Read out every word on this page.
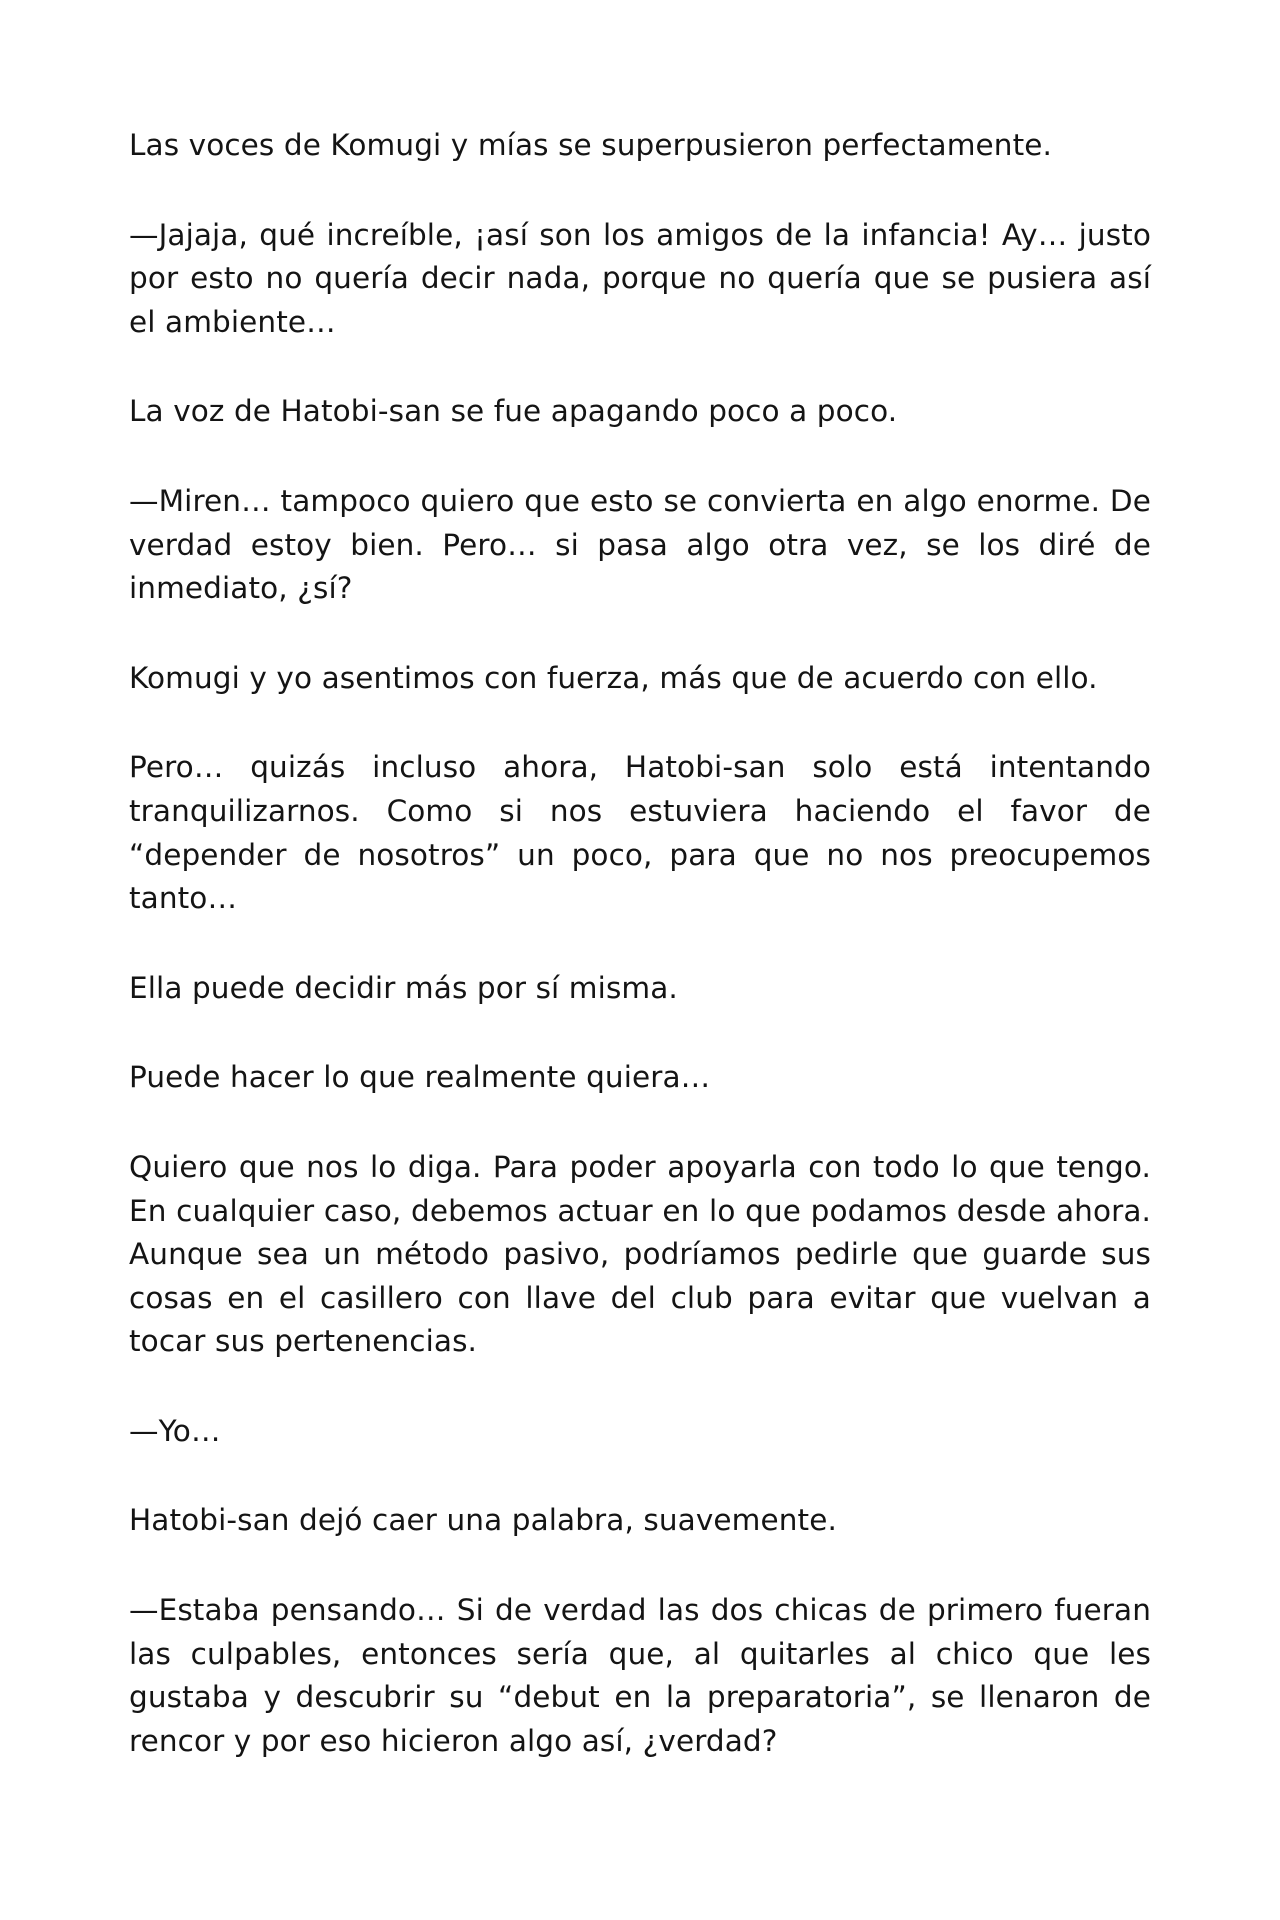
Las voces de Komugi y mías se superpusieron perfectamente.

—Jajaja, qué increíble, ¡así son los amigos de la infancia! Ay… justo por esto no quería decir nada, porque no quería que se pusiera así el ambiente…

La voz de Hatobi-san se fue apagando poco a poco.

—Miren… tampoco quiero que esto se convierta en algo enorme. De verdad estoy bien. Pero… si pasa algo otra vez, se los diré de inmediato, ¿sí?

Komugi y yo asentimos con fuerza, más que de acuerdo con ello.

Pero… quizás incluso ahora, Hatobi-san solo está intentando tranquilizarnos. Como si nos estuviera haciendo el favor de “depender de nosotros” un poco, para que no nos preocupemos tanto…

Ella puede decidir más por sí misma.

Puede hacer lo que realmente quiera…

Quiero que nos lo diga. Para poder apoyarla con todo lo que tengo. En cualquier caso, debemos actuar en lo que podamos desde ahora. Aunque sea un método pasivo, podríamos pedirle que guarde sus cosas en el casillero con llave del club para evitar que vuelvan a tocar sus pertenencias.

—Yo…

Hatobi-san dejó caer una palabra, suavemente.

—Estaba pensando… Si de verdad las dos chicas de primero fueran las culpables, entonces sería que, al quitarles al chico que les gustaba y descubrir su “debut en la preparatoria”, se llenaron de rencor y por eso hicieron algo así, ¿verdad?
